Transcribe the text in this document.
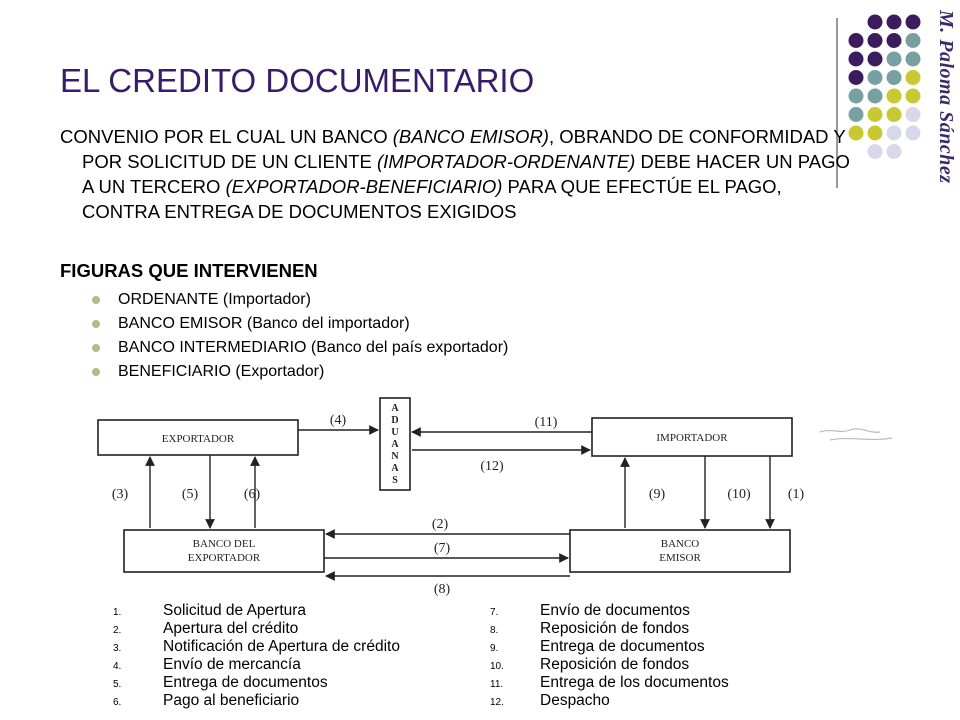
M. Paloma Sánchez
EL CREDITO DOCUMENTARIO

CONVENIO POR EL CUAL UN BANCO (BANCO EMISOR), OBRANDO DE CONFORMIDAD Y POR SOLICITUD DE UN CLIENTE (IMPORTADOR-ORDENANTE) DEBE HACER UN PAGO A UN TERCERO (EXPORTADOR-BENEFICIARIO) PARA QUE EFECTÚE EL PAGO, CONTRA ENTREGA DE DOCUMENTOS EXIGIDOS

FIGURAS QUE INTERVIENEN
ORDENANTE (Importador)
BANCO EMISOR (Banco del importador)
BANCO INTERMEDIARIO (Banco del país exportador)
BENEFICIARIO (Exportador)
EXPORTADOR	IMPORTADOR
BANCO DEL
EXPORTADOR
BANCO
EMISOR
A
D
U
A
N
A
S
(4)	(11)
(12)
(3)	(5)	(6)	(9)	(10)	(1)
(2)
(7)
(8)
1.	Solicitud de Apertura
2.	Apertura del crédito
3.	Notificación de Apertura de crédito
4.	Envío de mercancía
5.	Entrega de documentos
6.	Pago al beneficiario
7.	Envío de documentos
8.	Reposición de fondos
9.	Entrega de documentos
10.	Reposición de fondos
11.	Entrega de los documentos
12.	Despacho
